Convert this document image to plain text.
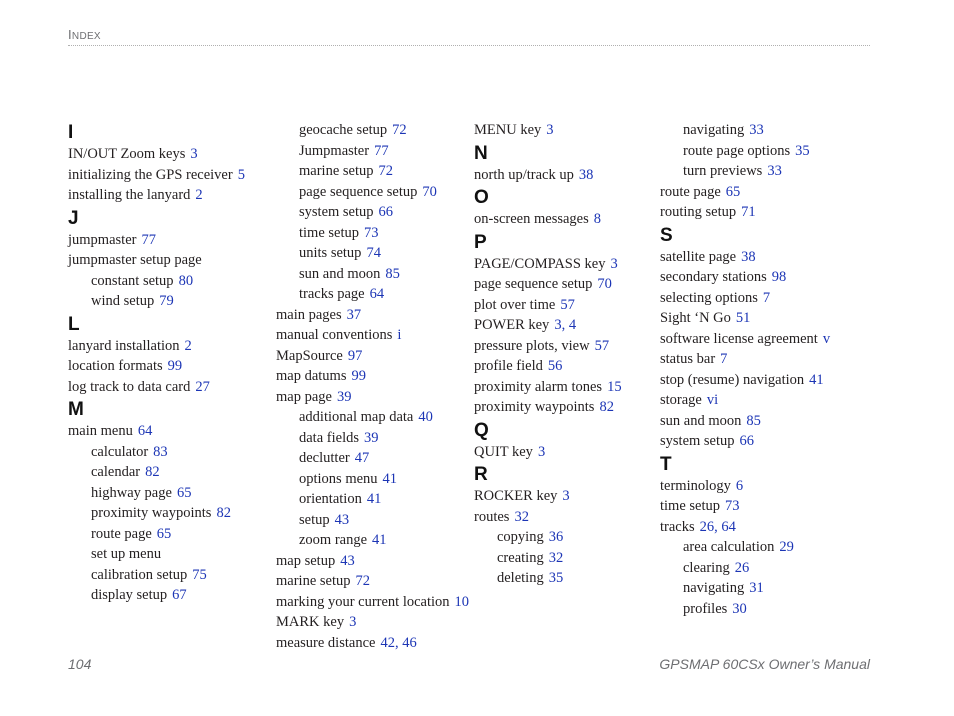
INDEX
I
IN/OUT Zoom keys 3
initializing the GPS receiver 5
installing the lanyard 2
J
jumpmaster 77
jumpmaster setup page
constant setup 80
wind setup 79
L
lanyard installation 2
location formats 99
log track to data card 27
M
main menu 64
calculator 83
calendar 82
highway page 65
proximity waypoints 82
route page 65
set up menu
calibration setup 75
display setup 67
geocache setup 72
Jumpmaster 77
marine setup 72
page sequence setup 70
system setup 66
time setup 73
units setup 74
sun and moon 85
tracks page 64
main pages 37
manual conventions i
MapSource 97
map datums 99
map page 39
additional map data 40
data fields 39
declutter 47
options menu 41
orientation 41
setup 43
zoom range 41
map setup 43
marine setup 72
marking your current location 10
MARK key 3
measure distance 42, 46
MENU key 3
N
north up/track up 38
O
on-screen messages 8
P
PAGE/COMPASS key 3
page sequence setup 70
plot over time 57
POWER key 3, 4
pressure plots, view 57
profile field 56
proximity alarm tones 15
proximity waypoints 82
Q
QUIT key 3
R
ROCKER key 3
routes 32
copying 36
creating 32
deleting 35
navigating 33
route page options 35
turn previews 33
route page 65
routing setup 71
S
satellite page 38
secondary stations 98
selecting options 7
Sight ‘N Go 51
software license agreement v
status bar 7
stop (resume) navigation 41
storage vi
sun and moon 85
system setup 66
T
terminology 6
time setup 73
tracks 26, 64
area calculation 29
clearing 26
navigating 31
profiles 30
104	GPSMAP 60CSx Owner’s Manual
